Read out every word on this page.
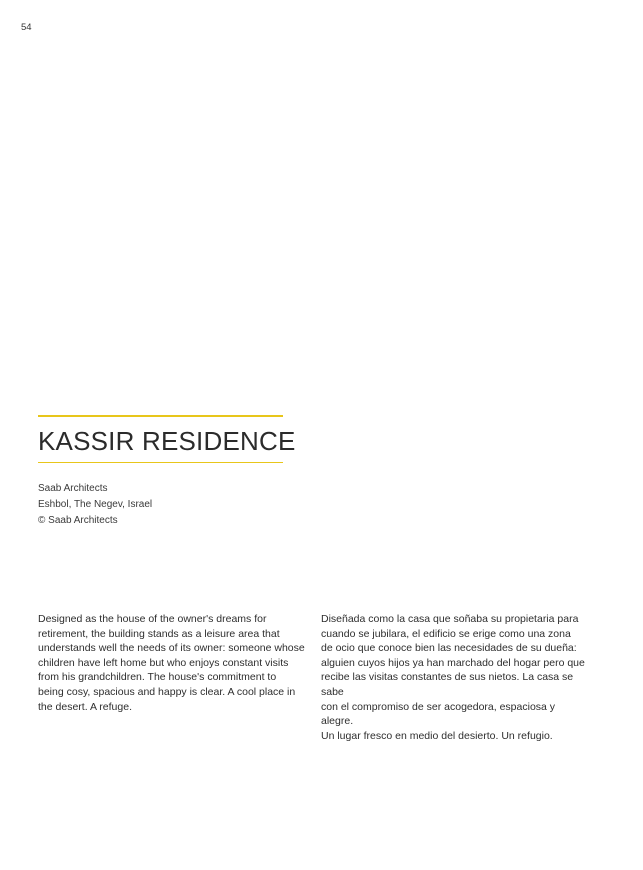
54
KASSIR RESIDENCE
Saab Architects
Eshbol, The Negev, Israel
© Saab Architects
Designed as the house of the owner's dreams for
retirement, the building stands as a leisure area that
understands well the needs of its owner: someone whose
children have left home but who enjoys constant visits
from his grandchildren. The house's commitment to
being cosy, spacious and happy is clear. A cool place in
the desert. A refuge.
Diseñada como la casa que soñaba su propietaria para
cuando se jubilara, el edificio se erige como una zona
de ocio que conoce bien las necesidades de su dueña:
alguien cuyos hijos ya han marchado del hogar pero que
recibe las visitas constantes de sus nietos. La casa se sabe
con el compromiso de ser acogedora, espaciosa y alegre.
Un lugar fresco en medio del desierto. Un refugio.
